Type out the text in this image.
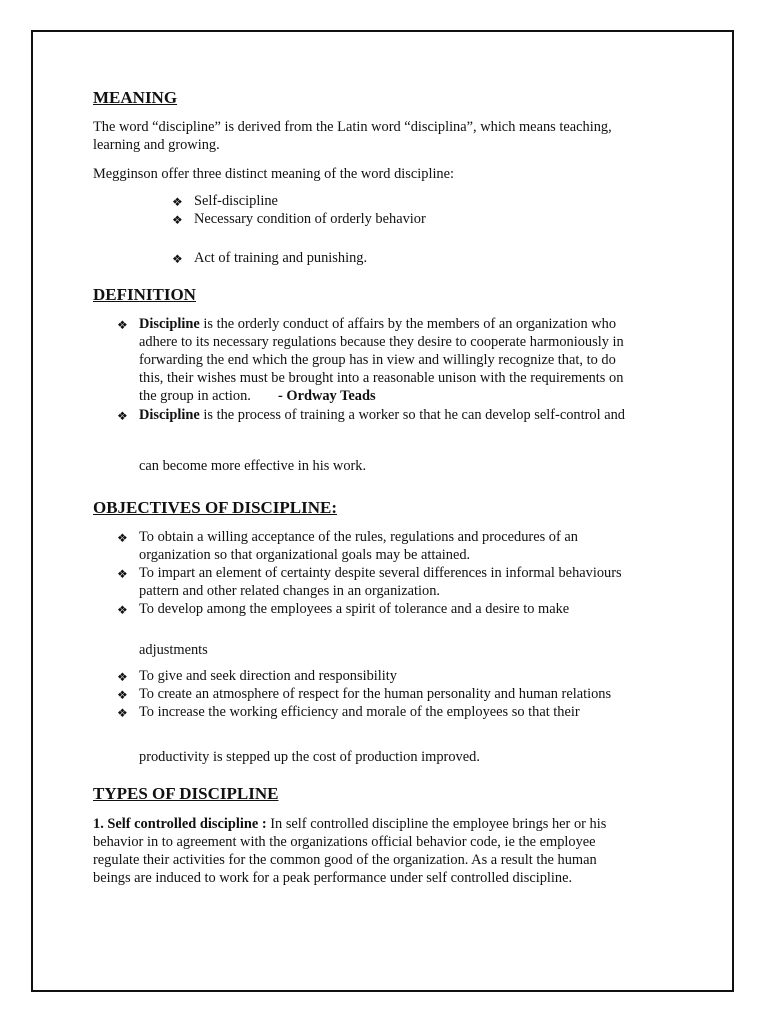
MEANING
The word “discipline” is derived from the Latin word “disciplina”, which means teaching,
learning and growing.
Megginson offer three distinct meaning of the word discipline:
❖ Self-discipline
❖ Necessary condition of orderly behavior
❖ Act of training and punishing.
DEFINITION
❖ Discipline is the orderly conduct of affairs by the members of an organization who
adhere to its necessary regulations because they desire to cooperate harmoniously in
forwarding the end which the group has in view and willingly recognize that, to do
this, their wishes must be brought into a reasonable unison with the requirements on
the group in action. - Ordway Teads
❖ Discipline is the process of training a worker so that he can develop self-control and
can become more effective in his work.
OBJECTIVES OF DISCIPLINE:
❖ To obtain a willing acceptance of the rules, regulations and procedures of an
organization so that organizational goals may be attained.
❖ To impart an element of certainty despite several differences in informal behaviours
pattern and other related changes in an organization.
❖ To develop among the employees a spirit of tolerance and a desire to make
adjustments
❖ To give and seek direction and responsibility
❖ To create an atmosphere of respect for the human personality and human relations
❖ To increase the working efficiency and morale of the employees so that their
productivity is stepped up the cost of production improved.
TYPES OF DISCIPLINE
1. Self controlled discipline : In self controlled discipline the employee brings her or his
behavior in to agreement with the organizations official behavior code, ie the employee
regulate their activities for the common good of the organization. As a result the human
beings are induced to work for a peak performance under self controlled discipline.
